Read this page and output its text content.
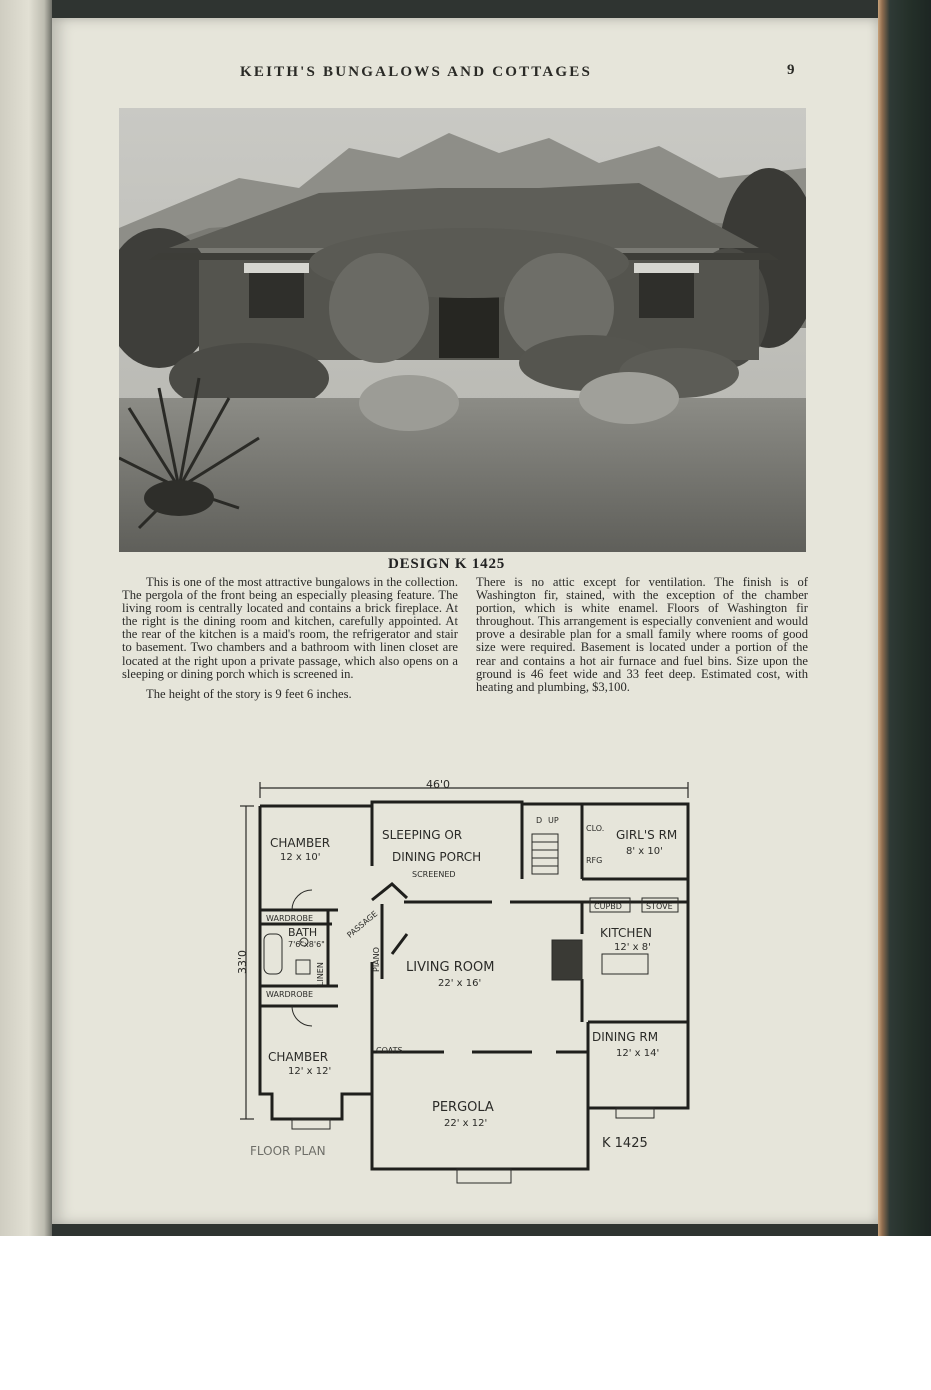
KEITH'S BUNGALOWS AND COTTAGES	9
DESIGN K 1425

This is one of the most attractive bungalows in the collection. The pergola of the front being an especially pleasing feature. The living room is centrally located and contains a brick fireplace. At the right is the dining room and kitchen, carefully appointed. At the rear of the kitchen is a maid's room, the refrigerator and stair to basement. Two chambers and a bathroom with linen closet are located at the right upon a private passage, which also opens on a sleeping or dining porch which is screened in.

The height of the story is 9 feet 6 inches.

There is no attic except for ventilation. The finish is of Washington fir, stained, with the exception of the chamber portion, which is white enamel. Floors of Washington fir throughout. This arrangement is especially convenient and would prove a desirable plan for a small family where rooms of good size were required. Basement is located under a portion of the rear and contains a hot air furnace and fuel bins. Size upon the ground is 46 feet wide and 33 feet deep. Estimated cost, with heating and plumbing, $3,100.

46'0
33'0
CHAMBER
12 x 10'
SLEEPING OR
DINING PORCH
SCREENED
D UP
CLO.
RFG
GIRL'S RM
8' x 10'
WARDROBE	PASSAGE
BATH
7'6"x8'6"
LINEN
WARDROBE
PIANO LIVING ROOM
22' x 16'
CUPBD	STOVE
KITCHEN
12' x 8'
CHAMBER
12' x 12'
COATS
DINING RM
12' x 14'
PERGOLA
22' x 12'
FLOOR PLAN	K 1425
